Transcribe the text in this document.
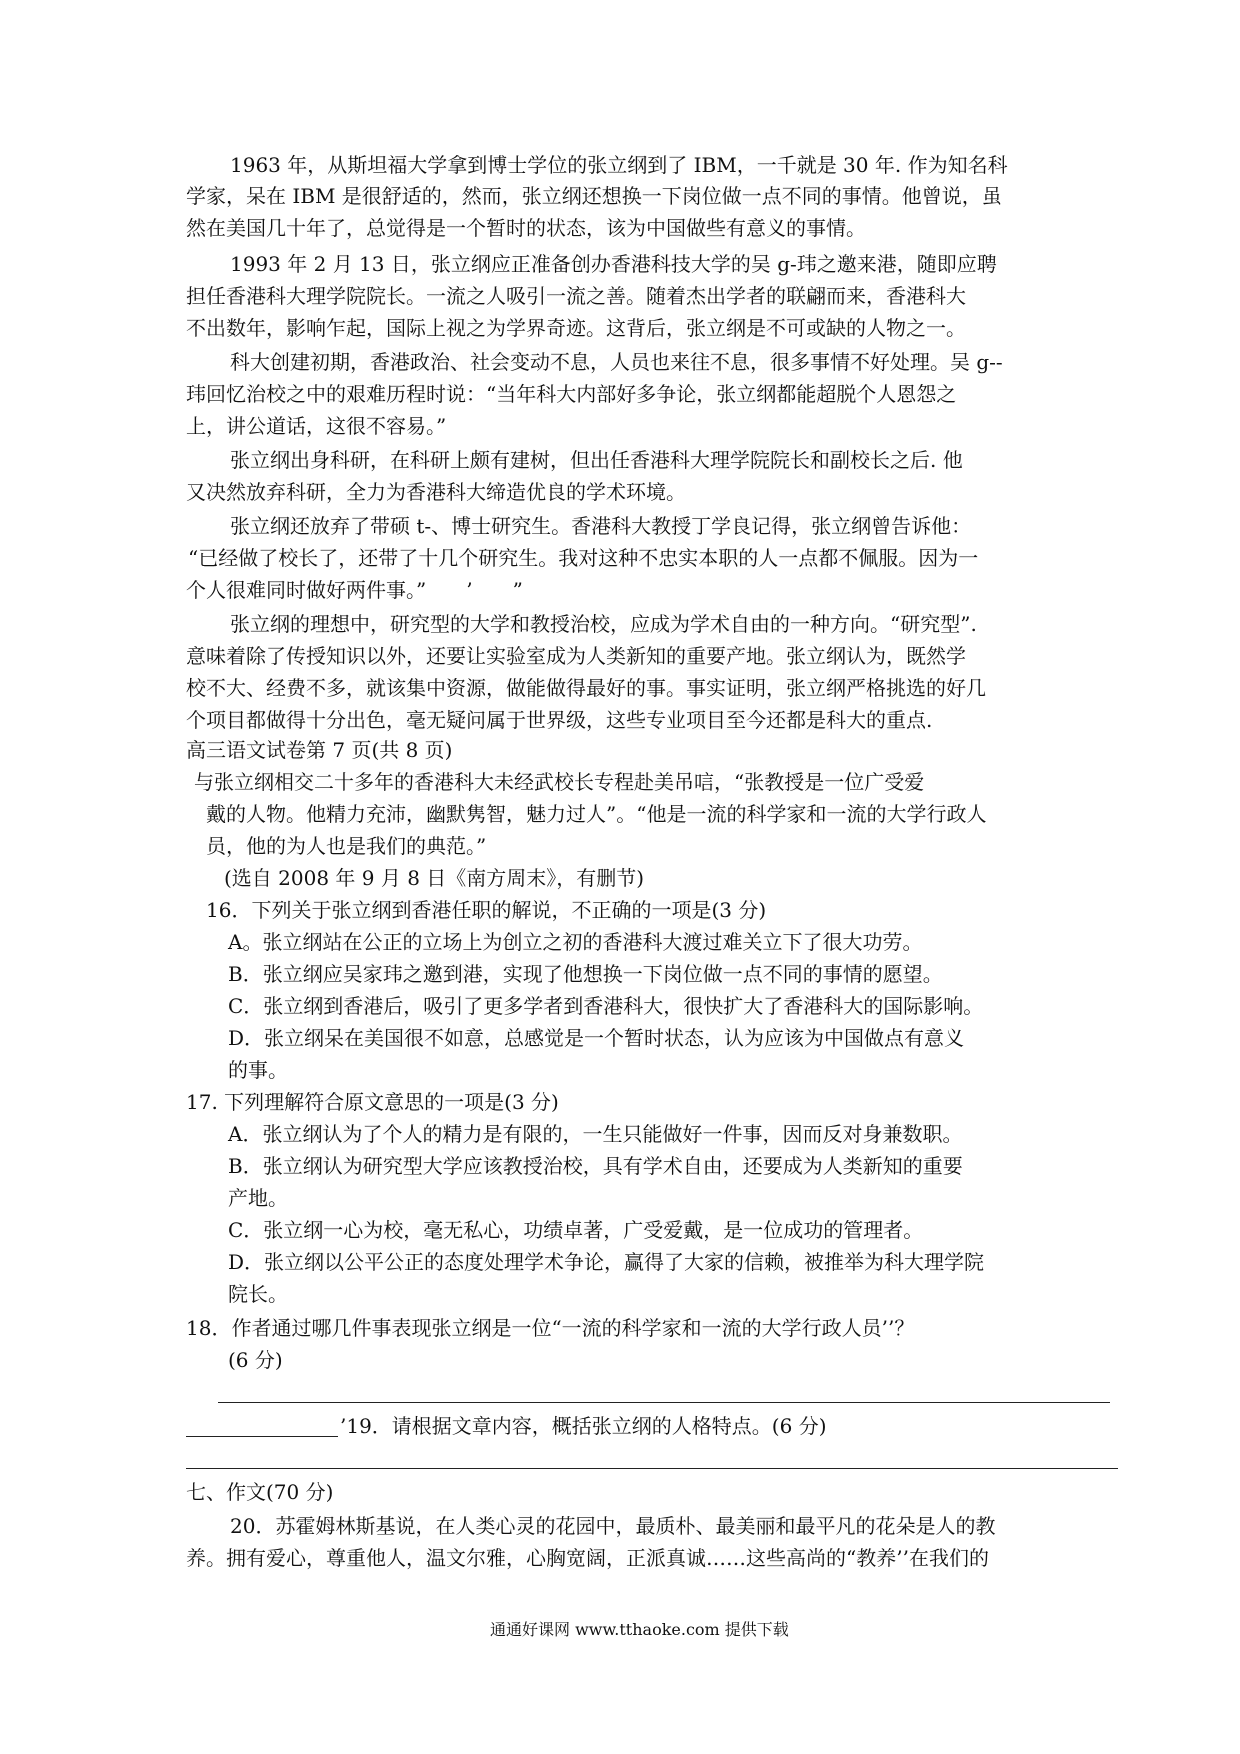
1963 年，从斯坦福大学拿到博士学位的张立纲到了 IBM，一千就是 30 年. 作为知名科
学家，呆在 IBM 是很舒适的，然而，张立纲还想换一下岗位做一点不同的事情。他曾说，虽
然在美国几十年了，总觉得是一个暂时的状态，该为中国做些有意义的事情。
1993 年 2 月 13 日，张立纲应正准备创办香港科技大学的吴 g-玮之邀来港，随即应聘
担任香港科大理学院院长。一流之人吸引一流之善。随着杰出学者的联翩而来，香港科大
不出数年，影响乍起，国际上视之为学界奇迹。这背后，张立纲是不可或缺的人物之一。
科大创建初期，香港政治、社会变动不息，人员也来往不息，很多事情不好处理。吴 g--
玮回忆治校之中的艰难历程时说：“当年科大内部好多争论，张立纲都能超脱个人恩怨之
上，讲公道话，这很不容易。”
张立纲出身科研，在科研上颇有建树，但出任香港科大理学院院长和副校长之后. 他
又决然放弃科研，全力为香港科大缔造优良的学术环境。
张立纲还放弃了带硕 t-、博士研究生。香港科大教授丁学良记得，张立纲曾告诉他：
“已经做了校长了，还带了十几个研究生。我对这种不忠实本职的人一点都不佩服。因为一
个人很难同时做好两件事。”　　’　　”
张立纲的理想中，研究型的大学和教授治校，应成为学术自由的一种方向。“研究型”.
意味着除了传授知识以外，还要让实验室成为人类新知的重要产地。张立纲认为，既然学
校不大、经费不多，就该集中资源，做能做得最好的事。事实证明，张立纲严格挑选的好几
个项目都做得十分出色，毫无疑问属于世界级，这些专业项目至今还都是科大的重点.
高三语文试卷第 7 页(共 8 页)
与张立纲相交二十多年的香港科大未经武校长专程赴美吊唁，“张教授是一位广受爱
戴的人物。他精力充沛，幽默隽智，魅力过人”。“他是一流的科学家和一流的大学行政人
员，他的为人也是我们的典范。”
(选自 2008 年 9 月 8 日《南方周末》，有删节)
16．下列关于张立纲到香港任职的解说，不正确的一项是(3 分)
A。张立纲站在公正的立场上为创立之初的香港科大渡过难关立下了很大功劳。
B．张立纲应吴家玮之邀到港，实现了他想换一下岗位做一点不同的事情的愿望。
C．张立纲到香港后，吸引了更多学者到香港科大，很快扩大了香港科大的国际影响。
D．张立纲呆在美国很不如意，总感觉是一个暂时状态，认为应该为中国做点有意义
的事。
17. 下列理解符合原文意思的一项是(3 分)
A．张立纲认为了个人的精力是有限的，一生只能做好一件事，因而反对身兼数职。
B．张立纲认为研究型大学应该教授治校，具有学术自由，还要成为人类新知的重要
产地。
C．张立纲一心为校，毫无私心，功绩卓著，广受爱戴，是一位成功的管理者。
D．张立纲以公平公正的态度处理学术争论，赢得了大家的信赖，被推举为科大理学院
院长。
18．作者通过哪几件事表现张立纲是一位“一流的科学家和一流的大学行政人员’’？
(6 分)
’19．请根据文章内容，概括张立纲的人格特点。(6 分)
七、作文(70 分)
20．苏霍姆林斯基说，在人类心灵的花园中，最质朴、最美丽和最平凡的花朵是人的教
养。拥有爱心，尊重他人，温文尔雅，心胸宽阔，正派真诚……这些高尚的“教养’’在我们的
通通好课网 www.tthaoke.com 提供下载
